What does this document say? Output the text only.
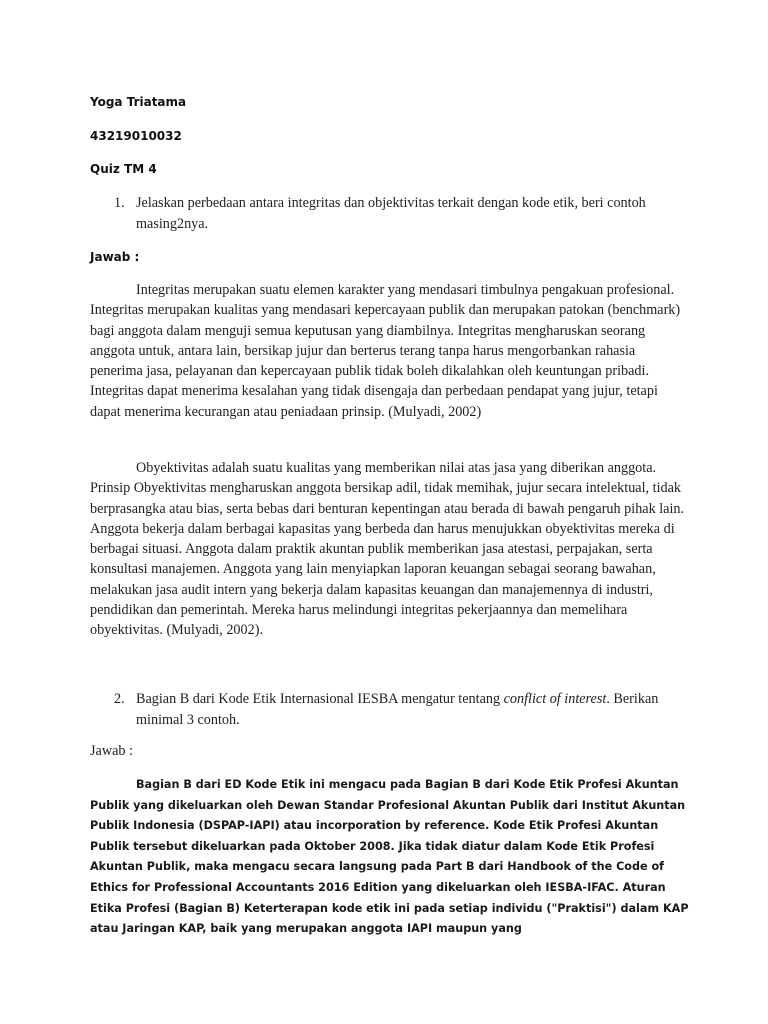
Yoga Triatama
43219010032
Quiz TM 4
1. Jelaskan perbedaan antara integritas dan objektivitas terkait dengan kode etik, beri contoh masing2nya.
Jawab :

Integritas merupakan suatu elemen karakter yang mendasari timbulnya pengakuan profesional. Integritas merupakan kualitas yang mendasari kepercayaan publik dan merupakan patokan (benchmark) bagi anggota dalam menguji semua keputusan yang diambilnya. Integritas mengharuskan seorang anggota untuk, antara lain, bersikap jujur dan berterus terang tanpa harus mengorbankan rahasia penerima jasa, pelayanan dan kepercayaan publik tidak boleh dikalahkan oleh keuntungan pribadi. Integritas dapat menerima kesalahan yang tidak disengaja dan perbedaan pendapat yang jujur, tetapi dapat menerima kecurangan atau peniadaan prinsip. (Mulyadi, 2002)

Obyektivitas adalah suatu kualitas yang memberikan nilai atas jasa yang diberikan anggota. Prinsip Obyektivitas mengharuskan anggota bersikap adil, tidak memihak, jujur secara intelektual, tidak berprasangka atau bias, serta bebas dari benturan kepentingan atau berada di bawah pengaruh pihak lain. Anggota bekerja dalam berbagai kapasitas yang berbeda dan harus menujukkan obyektivitas mereka di berbagai situasi. Anggota dalam praktik akuntan publik memberikan jasa atestasi, perpajakan, serta konsultasi manajemen. Anggota yang lain menyiapkan laporan keuangan sebagai seorang bawahan, melakukan jasa audit intern yang bekerja dalam kapasitas keuangan dan manajemennya di industri, pendidikan dan pemerintah. Mereka harus melindungi integritas pekerjaannya dan memelihara obyektivitas. (Mulyadi, 2002).

2. Bagian B dari Kode Etik Internasional IESBA mengatur tentang conflict of interest. Berikan minimal 3 contoh.
Jawab :

Bagian B dari ED Kode Etik ini mengacu pada Bagian B dari Kode Etik Profesi Akuntan Publik yang dikeluarkan oleh Dewan Standar Profesional Akuntan Publik dari Institut Akuntan Publik Indonesia (DSPAP-IAPI) atau incorporation by reference. Kode Etik Profesi Akuntan Publik tersebut dikeluarkan pada Oktober 2008. Jika tidak diatur dalam Kode Etik Profesi Akuntan Publik, maka mengacu secara langsung pada Part B dari Handbook of the Code of Ethics for Professional Accountants 2016 Edition yang dikeluarkan oleh IESBA-IFAC. Aturan Etika Profesi (Bagian B) Keterterapan kode etik ini pada setiap individu ("Praktisi") dalam KAP atau Jaringan KAP, baik yang merupakan anggota IAPI maupun yang
